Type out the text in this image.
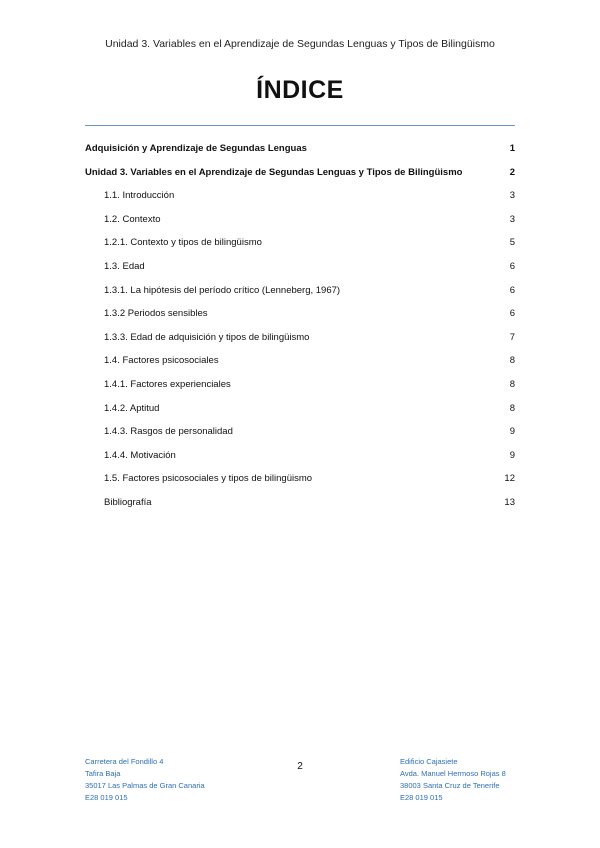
Unidad 3. Variables en el Aprendizaje de Segundas Lenguas y Tipos de Bilingüismo
ÍNDICE
Adquisición y Aprendizaje de Segundas Lenguas	1
Unidad 3. Variables en el Aprendizaje de Segundas Lenguas y Tipos de Bilingüismo	2
1.1. Introducción	3
1.2. Contexto	3
1.2.1. Contexto y tipos de bilingüismo	5
1.3. Edad	6
1.3.1. La hipótesis del período crítico (Lenneberg, 1967)	6
1.3.2 Periodos sensibles	6
1.3.3. Edad de adquisición y tipos de bilingüismo	7
1.4. Factores psicosociales	8
1.4.1. Factores experienciales	8
1.4.2. Aptitud	8
1.4.3. Rasgos de personalidad	9
1.4.4. Motivación	9
1.5. Factores psicosociales y tipos de bilingüismo	12
Bibliografía	13
Carretera del Fondillo 4
Tafira Baja
35017 Las Palmas de Gran Canaria
E28 019 015
2	Edificio Cajasiete
Avda. Manuel Hermoso Rojas 8
38003 Santa Cruz de Tenerife
E28 019 015
